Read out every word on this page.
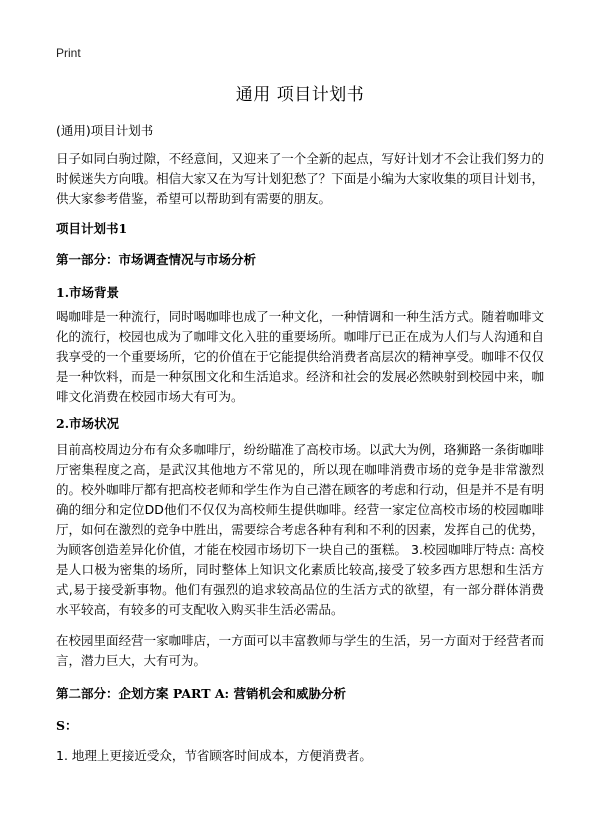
Print
通用 项目计划书
(通用)项目计划书

日子如同白驹过隙，不经意间，又迎来了一个全新的起点，写好计划才不会让我们努力的时候迷失方向哦。相信大家又在为写计划犯愁了？下面是小编为大家收集的项目计划书，供大家参考借鉴，希望可以帮助到有需要的朋友。

项目计划书1
第一部分：市场调查情况与市场分析
1.市场背景

喝咖啡是一种流行，同时喝咖啡也成了一种文化，一种情调和一种生活方式。随着咖啡文化的流行，校园也成为了咖啡文化入驻的重要场所。咖啡厅已正在成为人们与人沟通和自我享受的一个重要场所，它的价值在于它能提供给消费者高层次的精神享受。咖啡不仅仅是一种饮料，而是一种氛围文化和生活追求。经济和社会的发展必然映射到校园中来，咖啡文化消费在校园市场大有可为。

2.市场状况

目前高校周边分布有众多咖啡厅，纷纷瞄准了高校市场。以武大为例，珞狮路一条街咖啡厅密集程度之高，是武汉其他地方不常见的，所以现在咖啡消费市场的竞争是非常激烈的。校外咖啡厅都有把高校老师和学生作为自己潜在顾客的考虑和行动，但是并不是有明确的细分和定位DD他们不仅仅为高校师生提供咖啡。经营一家定位高校市场的校园咖啡厅，如何在激烈的竞争中胜出，需要综合考虑各种有利和不利的因素，发挥自己的优势，为顾客创造差异化价值，才能在校园市场切下一块自己的蛋糕。 3.校园咖啡厅特点: 高校是人口极为密集的场所，同时整体上知识文化素质比较高,接受了较多西方思想和生活方式,易于接受新事物。他们有强烈的追求较高品位的生活方式的欲望，有一部分群体消费水平较高，有较多的可支配收入购买非生活必需品。

在校园里面经营一家咖啡店，一方面可以丰富教师与学生的生活，另一方面对于经营者而言，潜力巨大，大有可为。

第二部分：企划方案 PART A: 营销机会和威胁分析
S：

1. 地理上更接近受众，节省顾客时间成本，方便消费者。
